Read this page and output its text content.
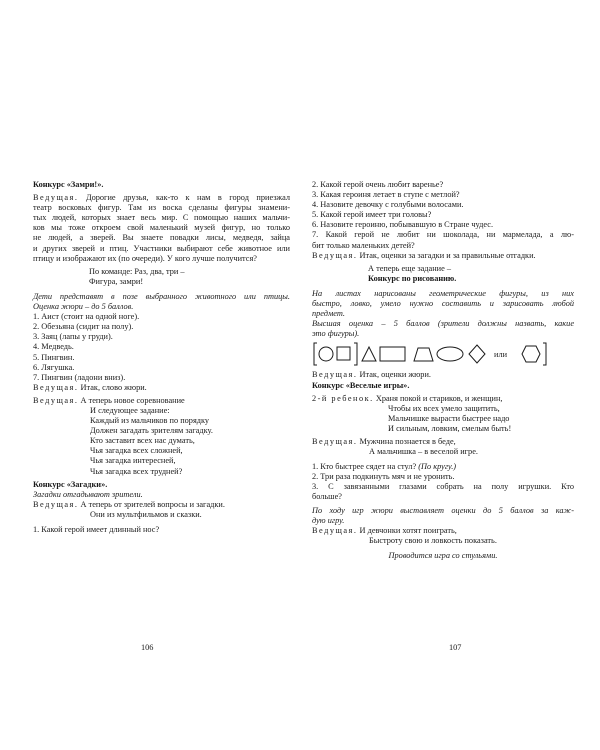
Конкурс «Замри!».
Ведущая. Дорогие друзья, как-то к нам в город приезжал
театр восковых фигур. Там из воска сделаны фигуры знамени-
тых людей, которых знает весь мир. С помощью наших мальчи-
ков мы тоже откроем свой маленький музей фигур, но только
не людей, а зверей. Вы знаете повадки лисы, медведя, зайца
и других зверей и птиц. Участники выбирают себе животное или
птицу и изображают их (по очереди). У кого лучше получится?
По команде: Раз, два, три –
Фигура, замри!
Дети представят в позе выбранного животного или птицы.
Оценка жюри – до 5 баллов.
1. Аист (стоит на одной ноге).
2. Обезьяна (сидит на полу).
3. Заяц (лапы у груди).
4. Медведь.
5. Пингвин.
6. Лягушка.
7. Пингвин (ладони вниз).
Ведущая. Итак, слово жюри.
Ведущая. А теперь новое соревнование
И следующее задание:
Каждый из мальчиков по порядку
Должен загадать зрителям загадку.
Кто заставит всех нас думать,
Чья загадка всех сложней,
Чья загадка интересней,
Чья загадка всех трудней?
Конкурс «Загадки».
Загадки отгадывают зрители.
Ведущая. А теперь от зрителей вопросы и загадки.
Они из мультфильмов и сказки.
1. Какой герой имеет длинный нос?
2. Какой герой очень любит варенье?
3. Какая героиня летает в ступе с метлой?
4. Назовите девочку с голубыми волосами.
5. Какой герой имеет три головы?
6. Назовите героиню, побывавшую в Стране чудес.
7. Какой герой не любит ни шоколада, ни мармелада, а лю-
бит только маленьких детей?
Ведущая. Итак, оценки за загадки и за правильные отгадки.
А теперь еще задание –
Конкурс по рисованию.
На листах нарисованы геометрические фигуры, из них
быстро, ловко, умело нужно составить и зарисовать любой
предмет.
Высшая оценка – 5 баллов (зрители должны назвать, какие
это фигуры).
или
Ведущая. Итак, оценки жюри.
Конкурс «Веселые игры».
2-й ребенок. Храня покой и стариков, и женщин,
Чтобы их всех умело защитить,
Мальчишке вырасти быстрее надо
И сильным, ловким, смелым быть!
Ведущая. Мужчина познается в беде,
А мальчишка – в веселой игре.
1. Кто быстрее сядет на стул? (По кругу.)
2. Три раза подкинуть мяч и не уронить.
3. С завязанными глазами собрать на полу игрушки. Кто
больше?
По ходу игр жюри выставляет оценки до 5 баллов за каж-
дую игру.
Ведущая. И девчонки хотят поиграть,
Быстроту свою и ловкость показать.
Проводится игра со стульями.
106	107
